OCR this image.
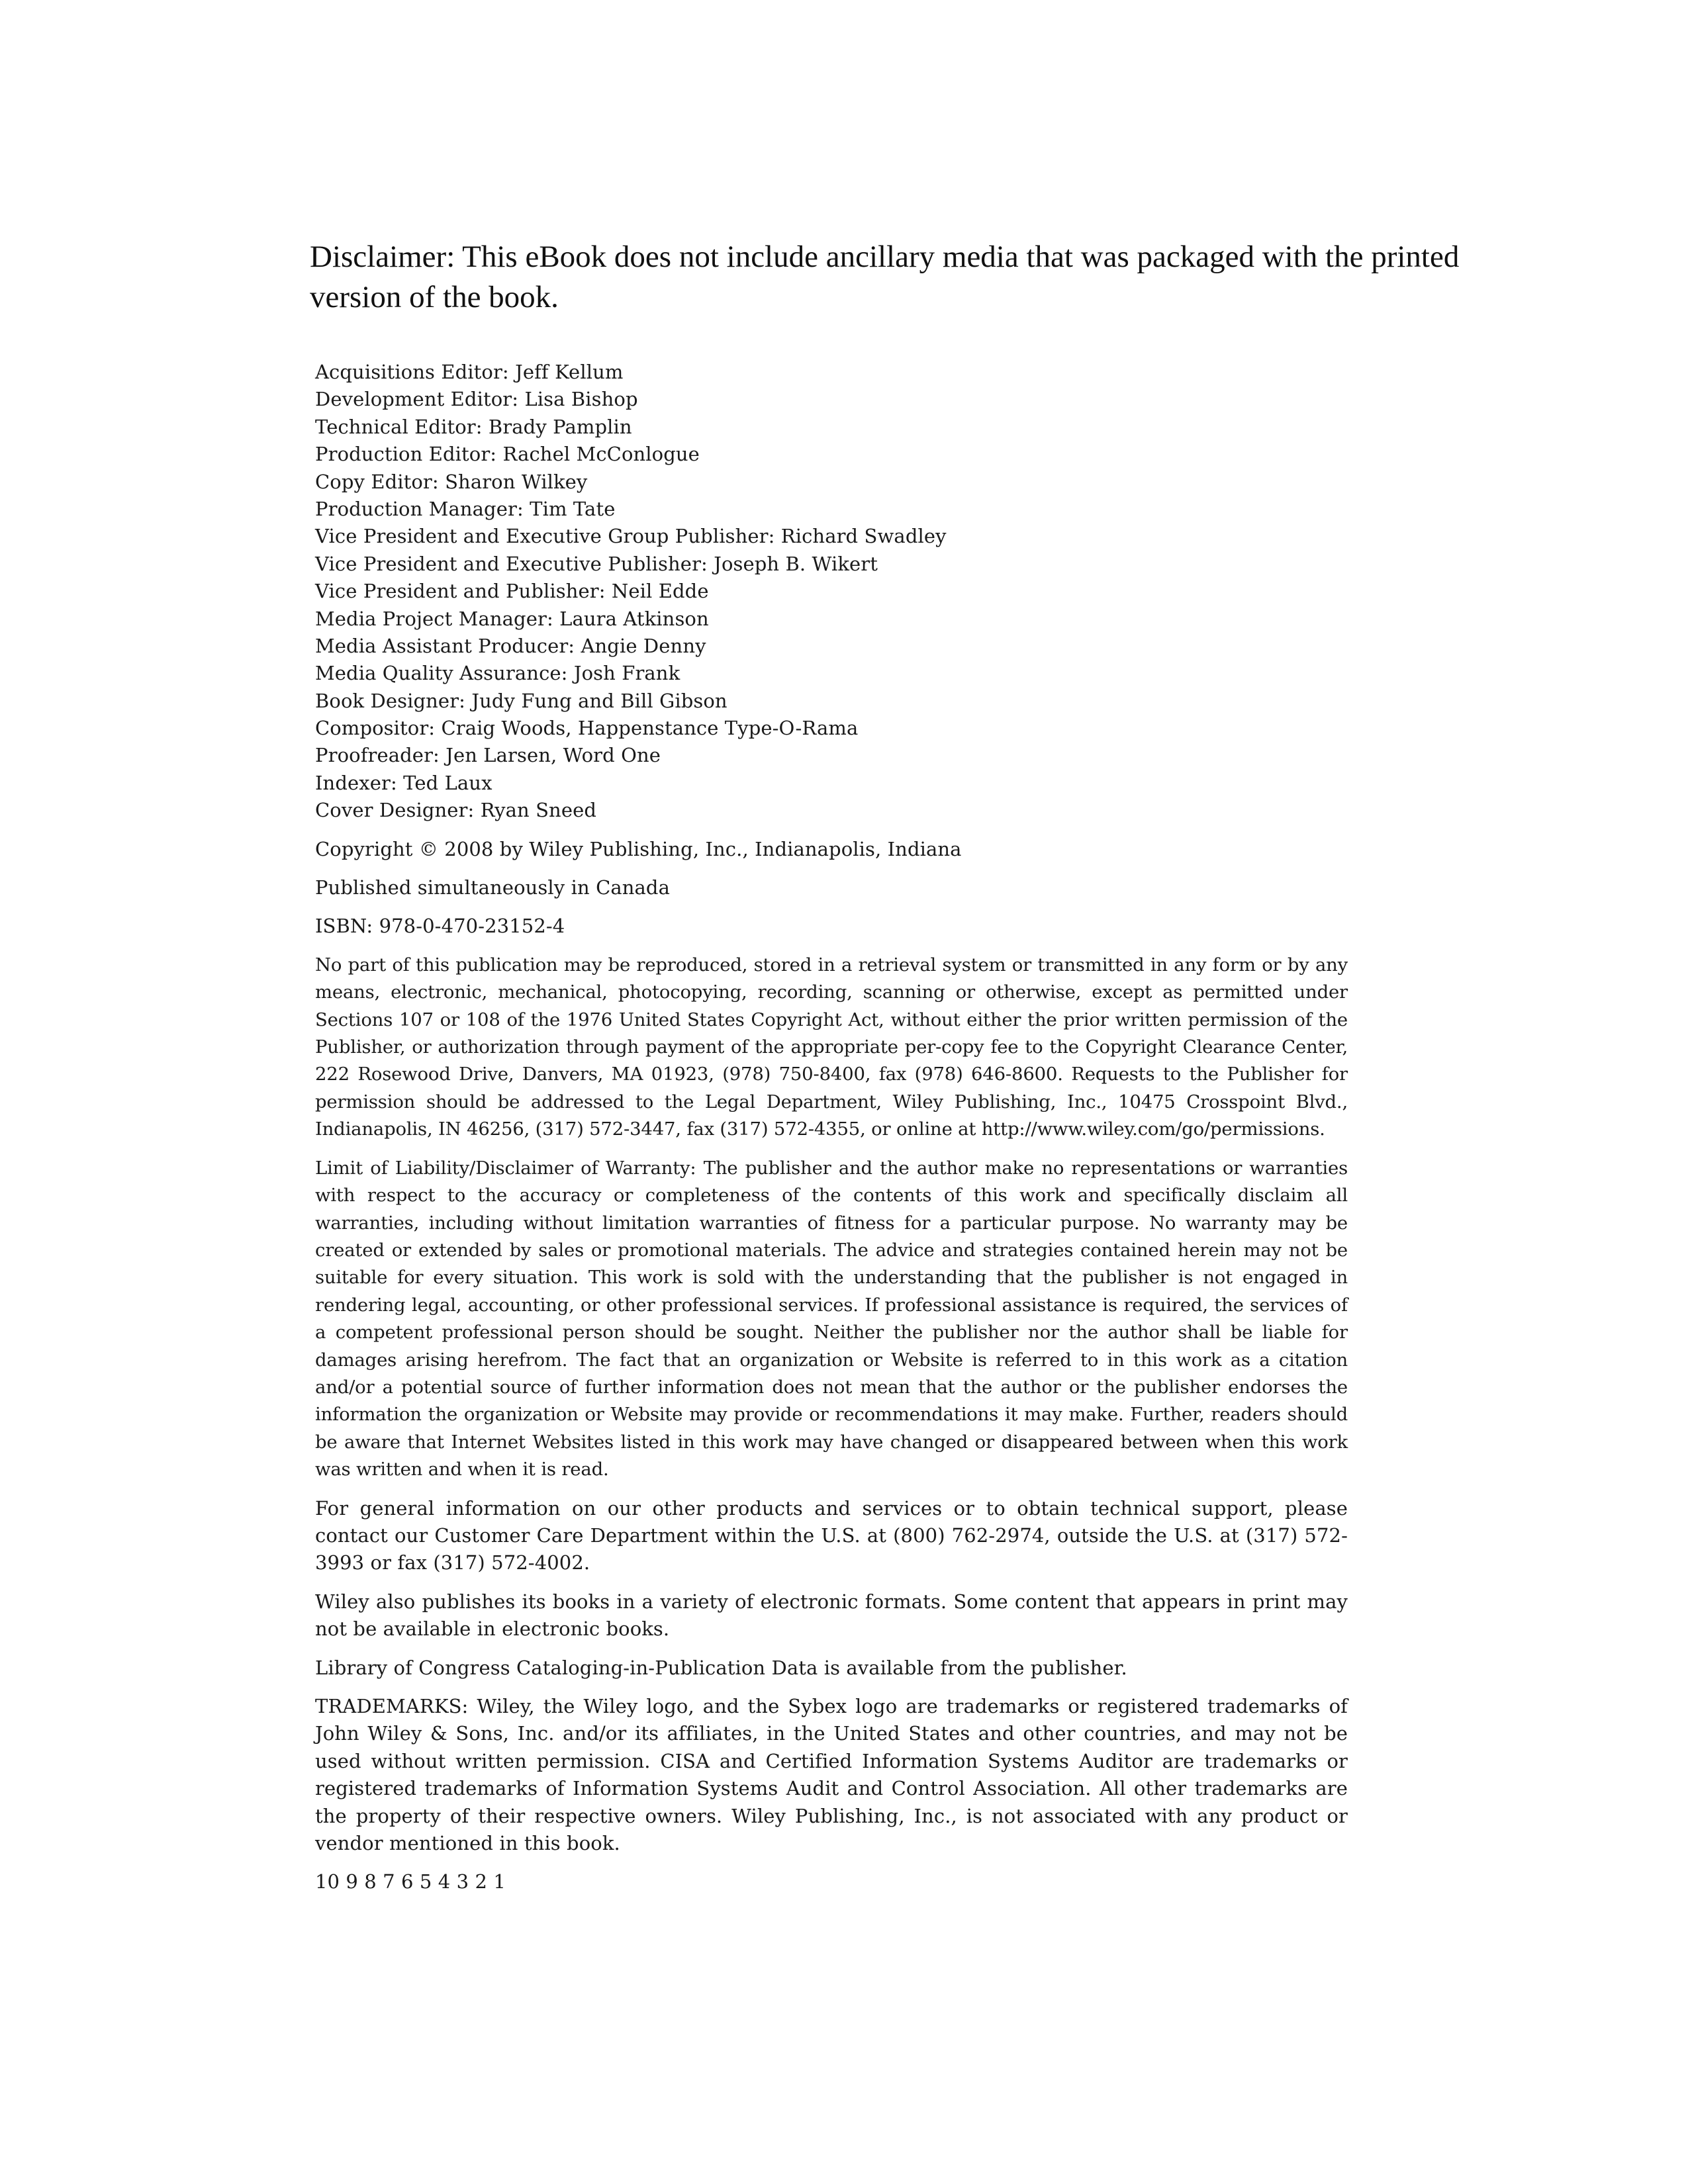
Disclaimer: This eBook does not include ancillary media that was packaged with the printed version of the book.

Acquisitions Editor: Jeff Kellum
Development Editor: Lisa Bishop
Technical Editor: Brady Pamplin
Production Editor: Rachel McConlogue
Copy Editor: Sharon Wilkey
Production Manager: Tim Tate
Vice President and Executive Group Publisher: Richard Swadley
Vice President and Executive Publisher: Joseph B. Wikert
Vice President and Publisher: Neil Edde
Media Project Manager: Laura Atkinson
Media Assistant Producer: Angie Denny
Media Quality Assurance: Josh Frank
Book Designer: Judy Fung and Bill Gibson
Compositor: Craig Woods, Happenstance Type-O-Rama
Proofreader: Jen Larsen, Word One
Indexer: Ted Laux
Cover Designer: Ryan Sneed

Copyright © 2008 by Wiley Publishing, Inc., Indianapolis, Indiana

Published simultaneously in Canada

ISBN: 978-0-470-23152-4

No part of this publication may be reproduced, stored in a retrieval system or transmitted in any form or by any means, electronic, mechanical, photocopying, recording, scanning or otherwise, except as permitted under Sections 107 or 108 of the 1976 United States Copyright Act, without either the prior written permission of the Publisher, or authorization through payment of the appropriate per-copy fee to the Copyright Clearance Center, 222 Rosewood Drive, Danvers, MA 01923, (978) 750-8400, fax (978) 646-8600. Requests to the Publisher for permission should be addressed to the Legal Department, Wiley Publishing, Inc., 10475 Crosspoint Blvd., Indianapolis, IN 46256, (317) 572-3447, fax (317) 572-4355, or online at http://www.wiley.com/go/permissions.

Limit of Liability/Disclaimer of Warranty: The publisher and the author make no representations or warranties with respect to the accuracy or completeness of the contents of this work and specifically disclaim all warranties, including without limitation warranties of fitness for a particular purpose. No warranty may be created or extended by sales or promotional materials. The advice and strategies contained herein may not be suitable for every situation. This work is sold with the understanding that the publisher is not engaged in rendering legal, accounting, or other professional services. If professional assistance is required, the services of a competent professional person should be sought. Neither the publisher nor the author shall be liable for damages arising herefrom. The fact that an organization or Website is referred to in this work as a citation and/or a potential source of further information does not mean that the author or the publisher endorses the information the organization or Website may provide or recommendations it may make. Further, readers should be aware that Internet Websites listed in this work may have changed or disappeared between when this work was written and when it is read.

For general information on our other products and services or to obtain technical support, please contact our Customer Care Department within the U.S. at (800) 762-2974, outside the U.S. at (317) 572-3993 or fax (317) 572-4002.

Wiley also publishes its books in a variety of electronic formats. Some content that appears in print may not be available in electronic books.

Library of Congress Cataloging-in-Publication Data is available from the publisher.

TRADEMARKS: Wiley, the Wiley logo, and the Sybex logo are trademarks or registered trademarks of John Wiley & Sons, Inc. and/or its affiliates, in the United States and other countries, and may not be used without written permission. CISA and Certified Information Systems Auditor are trademarks or registered trademarks of Information Systems Audit and Control Association. All other trademarks are the property of their respective owners. Wiley Publishing, Inc., is not associated with any product or vendor mentioned in this book.

10 9 8 7 6 5 4 3 2 1
